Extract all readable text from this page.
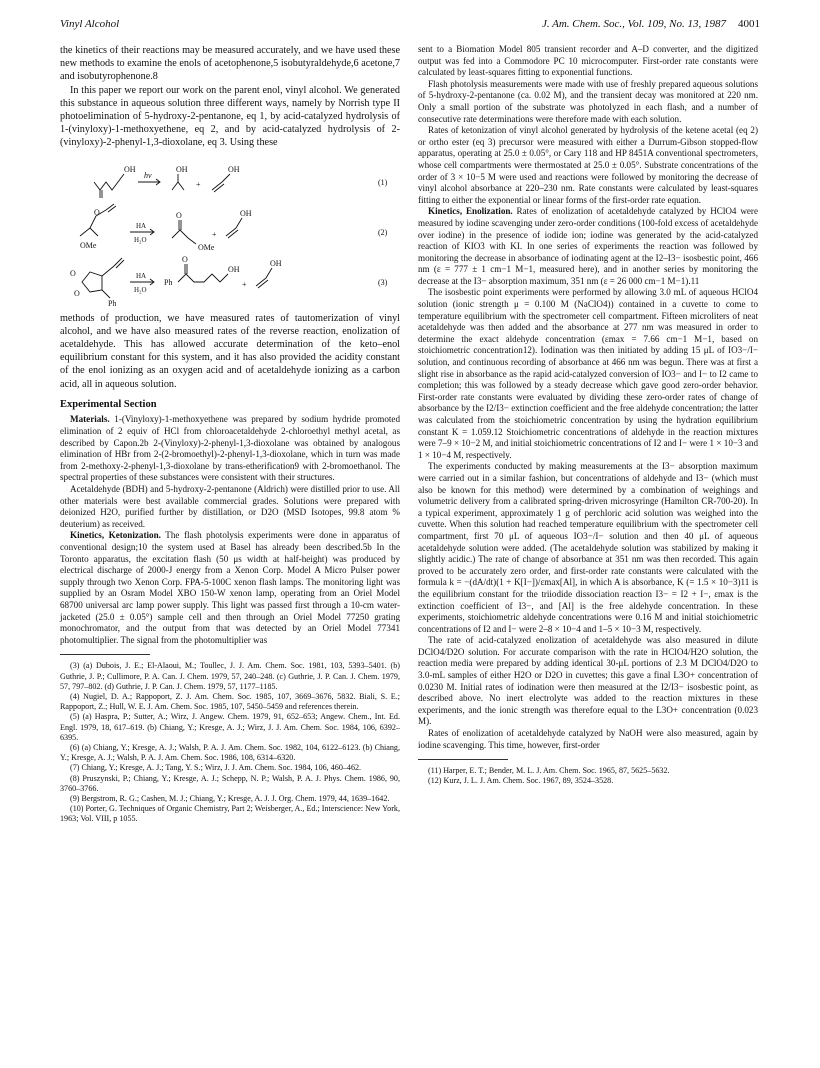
Vinyl Alcohol	J. Am. Chem. Soc., Vol. 109, No. 13, 1987 4001

the kinetics of their reactions may be measured accurately, and we have used these new methods to examine the enols of acetophenone,5 isobutyraldehyde,6 acetone,7 and isobutyrophenone.8

In this paper we report our work on the parent enol, vinyl alcohol. We generated this substance in aqueous solution three different ways, namely by Norrish type II photoelimination of 5-hydroxy-2-pentanone, eq 1, by acid-catalyzed hydrolysis of 1-(vinyloxy)-1-methoxyethene, eq 2, and by acid-catalyzed hydrolysis of 2-(vinyloxy)-2-phenyl-1,3-dioxolane, eq 3. Using these

OH
hν
OH
+
OH
(1)
O
OMe
HA
H₂O
O
OMe
+
OH
(2)
O
O
Ph
HA
H₂O
Ph
O
OH
+
OH
(3)

methods of production, we have measured rates of tautomerization of vinyl alcohol, and we have also measured rates of the reverse reaction, enolization of acetaldehyde. This has allowed accurate determination of the keto–enol equilibrium constant for this system, and it has also provided the acidity constant of the enol ionizing as an oxygen acid and of acetaldehyde ionizing as a carbon acid, all in aqueous solution.

Experimental Section

Materials. 1-(Vinyloxy)-1-methoxyethene was prepared by sodium hydride promoted elimination of 2 equiv of HCl from chloroacetaldehyde 2-chloroethyl methyl acetal, as described by Capon.2b 2-(Vinyloxy)-2-phenyl-1,3-dioxolane was obtained by analogous elimination of HBr from 2-(2-bromoethyl)-2-phenyl-1,3-dioxolane, which in turn was made from 2-methoxy-2-phenyl-1,3-dioxolane by trans-etherification9 with 2-bromoethanol. The spectral properties of these substances were consistent with their structures.

Acetaldehyde (BDH) and 5-hydroxy-2-pentanone (Aldrich) were distilled prior to use. All other materials were best available commercial grades. Solutions were prepared with deionized H2O, purified further by distillation, or D2O (MSD Isotopes, 99.8 atom % deuterium) as received.

Kinetics, Ketonization. The flash photolysis experiments were done in apparatus of conventional design;10 the system used at Basel has already been described.5b In the Toronto apparatus, the excitation flash (50 μs width at half-height) was produced by electrical discharge of 2000-J energy from a Xenon Corp. Model A Micro Pulser power supply through two Xenon Corp. FPA-5-100C xenon flash lamps. The monitoring light was supplied by an Osram Model XBO 150-W xenon lamp, operating from an Oriel Model 68700 universal arc lamp power supply. This light was passed first through a 10-cm water-jacketed (25.0 ± 0.05°) sample cell and then through an Oriel Model 77250 grating monochromator, and the output from that was detected by an Oriel Model 77341 photomultiplier. The signal from the photomultiplier was

(3) (a) Dubois, J. E.; El-Alaoui, M.; Toullec, J. J. Am. Chem. Soc. 1981, 103, 5393–5401. (b) Guthrie, J. P.; Cullimore, P. A. Can. J. Chem. 1979, 57, 240–248. (c) Guthrie, J. P. Can. J. Chem. 1979, 57, 797–802. (d) Guthrie, J. P. Can. J. Chem. 1979, 57, 1177–1185.

(4) Nugiel, D. A.; Rappoport, Z. J. Am. Chem. Soc. 1985, 107, 3669–3676, 5832. Biali, S. E.; Rappoport, Z.; Hull, W. E. J. Am. Chem. Soc. 1985, 107, 5450–5459 and references therein.

(5) (a) Haspra, P.; Sutter, A.; Wirz, J. Angew. Chem. 1979, 91, 652–653; Angew. Chem., Int. Ed. Engl. 1979, 18, 617–619. (b) Chiang, Y.; Kresge, A. J.; Wirz, J. J. Am. Chem. Soc. 1984, 106, 6392–6395.

(6) (a) Chiang, Y.; Kresge, A. J.; Walsh, P. A. J. Am. Chem. Soc. 1982, 104, 6122–6123. (b) Chiang, Y.; Kresge, A. J.; Walsh, P. A. J. Am. Chem. Soc. 1986, 108, 6314–6320.

(7) Chiang, Y.; Kresge, A. J.; Tang, Y. S.; Wirz, J. J. Am. Chem. Soc. 1984, 106, 460–462.

(8) Pruszynski, P.; Chiang, Y.; Kresge, A. J.; Schepp, N. P.; Walsh, P. A. J. Phys. Chem. 1986, 90, 3760–3766.

(9) Bergstrom, R. G.; Cashen, M. J.; Chiang, Y.; Kresge, A. J. J. Org. Chem. 1979, 44, 1639–1642.

(10) Porter, G. Techniques of Organic Chemistry, Part 2; Weisberger, A., Ed.; Interscience: New York, 1963; Vol. VIII, p 1055.

sent to a Biomation Model 805 transient recorder and A–D converter, and the digitized output was fed into a Commodore PC 10 microcomputer. First-order rate constants were calculated by least-squares fitting to exponential functions.

Flash photolysis measurements were made with use of freshly prepared aqueous solutions of 5-hydroxy-2-pentanone (ca. 0.02 M), and the transient decay was monitored at 220 nm. Only a small portion of the substrate was photolyzed in each flash, and a number of consecutive rate determinations were therefore made with each solution.

Rates of ketonization of vinyl alcohol generated by hydrolysis of the ketene acetal (eq 2) or ortho ester (eq 3) precursor were measured with either a Durrum-Gibson stopped-flow apparatus, operating at 25.0 ± 0.05°, or Cary 118 and HP 8451A conventional spectrometers, whose cell compartments were thermostated at 25.0 ± 0.05°. Substrate concentrations of the order of 3 × 10−5 M were used and reactions were followed by monitoring the decrease of vinyl alcohol absorbance at 220–230 nm. Rate constants were calculated by least-squares fitting to either the exponential or linear forms of the first-order rate equation.

Kinetics, Enolization. Rates of enolization of acetaldehyde catalyzed by HClO4 were measured by iodine scavenging under zero-order conditions (100-fold excess of acetaldehyde over iodine) in the presence of iodide ion; iodine was generated by the acid-catalyzed reaction of KIO3 with KI. In one series of experiments the reaction was followed by monitoring the decrease in absorbance of iodinating agent at the I2–I3− isosbestic point, 466 nm (ε = 777 ± 1 cm−1 M−1, measured here), and in another series by monitoring the decrease at the I3− absorption maximum, 351 nm (ε = 26 000 cm−1 M−1).11

The isosbestic point experiments were performed by allowing 3.0 mL of aqueous HClO4 solution (ionic strength μ = 0.100 M (NaClO4)) contained in a cuvette to come to temperature equilibrium with the spectrometer cell compartment. Fifteen microliters of neat acetaldehyde was then added and the absorbance at 277 nm was measured in order to determine the exact aldehyde concentration (εmax = 7.66 cm−1 M−1, based on stoichiometric concentration12). Iodination was then initiated by adding 15 μL of IO3−/I− solution, and continuous recording of absorbance at 466 nm was begun. There was at first a slight rise in absorbance as the rapid acid-catalyzed conversion of IO3− and I− to I2 came to completion; this was followed by a steady decrease which gave good zero-order behavior. First-order rate constants were evaluated by dividing these zero-order rates of change of absorbance by the I2/I3− extinction coefficient and the free aldehyde concentration; the latter was calculated from the stoichiometric concentration by using the hydration equilibrium constant K = 1.059.12 Stoichiometric concentrations of aldehyde in the reaction mixtures were 7–9 × 10−2 M, and initial stoichiometric concentrations of I2 and I− were 1 × 10−3 and 1 × 10−4 M, respectively.

The experiments conducted by making measurements at the I3− absorption maximum were carried out in a similar fashion, but concentrations of aldehyde and I3− (which must also be known for this method) were determined by a combination of weighings and volumetric delivery from a calibrated spring-driven microsyringe (Hamilton CR-700-20). In a typical experiment, approximately 1 g of perchloric acid solution was weighed into the cuvette. When this solution had reached temperature equilibrium with the spectrometer cell compartment, first 70 μL of aqueous IO3−/I− solution and then 40 μL of aqueous acetaldehyde solution were added. (The acetaldehyde solution was stabilized by making it slightly acidic.) The rate of change of absorbance at 351 nm was then recorded. This again proved to be accurately zero order, and first-order rate constants were calculated with the formula k = −(dA/dt)(1 + K[I−])/εmax[Al], in which A is absorbance, K (= 1.5 × 10−3)11 is the equilibrium constant for the triiodide dissociation reaction I3− = I2 + I−, εmax is the extinction coefficient of I3−, and [Al] is the free aldehyde concentration. In these experiments, stoichiometric aldehyde concentrations were 0.16 M and initial stoichiometric concentrations of I2 and I− were 2–8 × 10−4 and 1–5 × 10−3 M, respectively.

The rate of acid-catalyzed enolization of acetaldehyde was also measured in dilute DClO4/D2O solution. For accurate comparison with the rate in HClO4/H2O solution, the reaction media were prepared by adding identical 30-μL portions of 2.3 M DClO4/D2O to 3.0-mL samples of either H2O or D2O in cuvettes; this gave a final L3O+ concentration of 0.0230 M. Initial rates of iodination were then measured at the I2/I3− isosbestic point, as described above. No inert electrolyte was added to the reaction mixtures in these experiments, and the ionic strength was therefore equal to the L3O+ concentration (0.023 M).

Rates of enolization of acetaldehyde catalyzed by NaOH were also measured, again by iodine scavenging. This time, however, first-order

(11) Harper, E. T.; Bender, M. L. J. Am. Chem. Soc. 1965, 87, 5625–5632.

(12) Kurz, J. L. J. Am. Chem. Soc. 1967, 89, 3524–3528.
